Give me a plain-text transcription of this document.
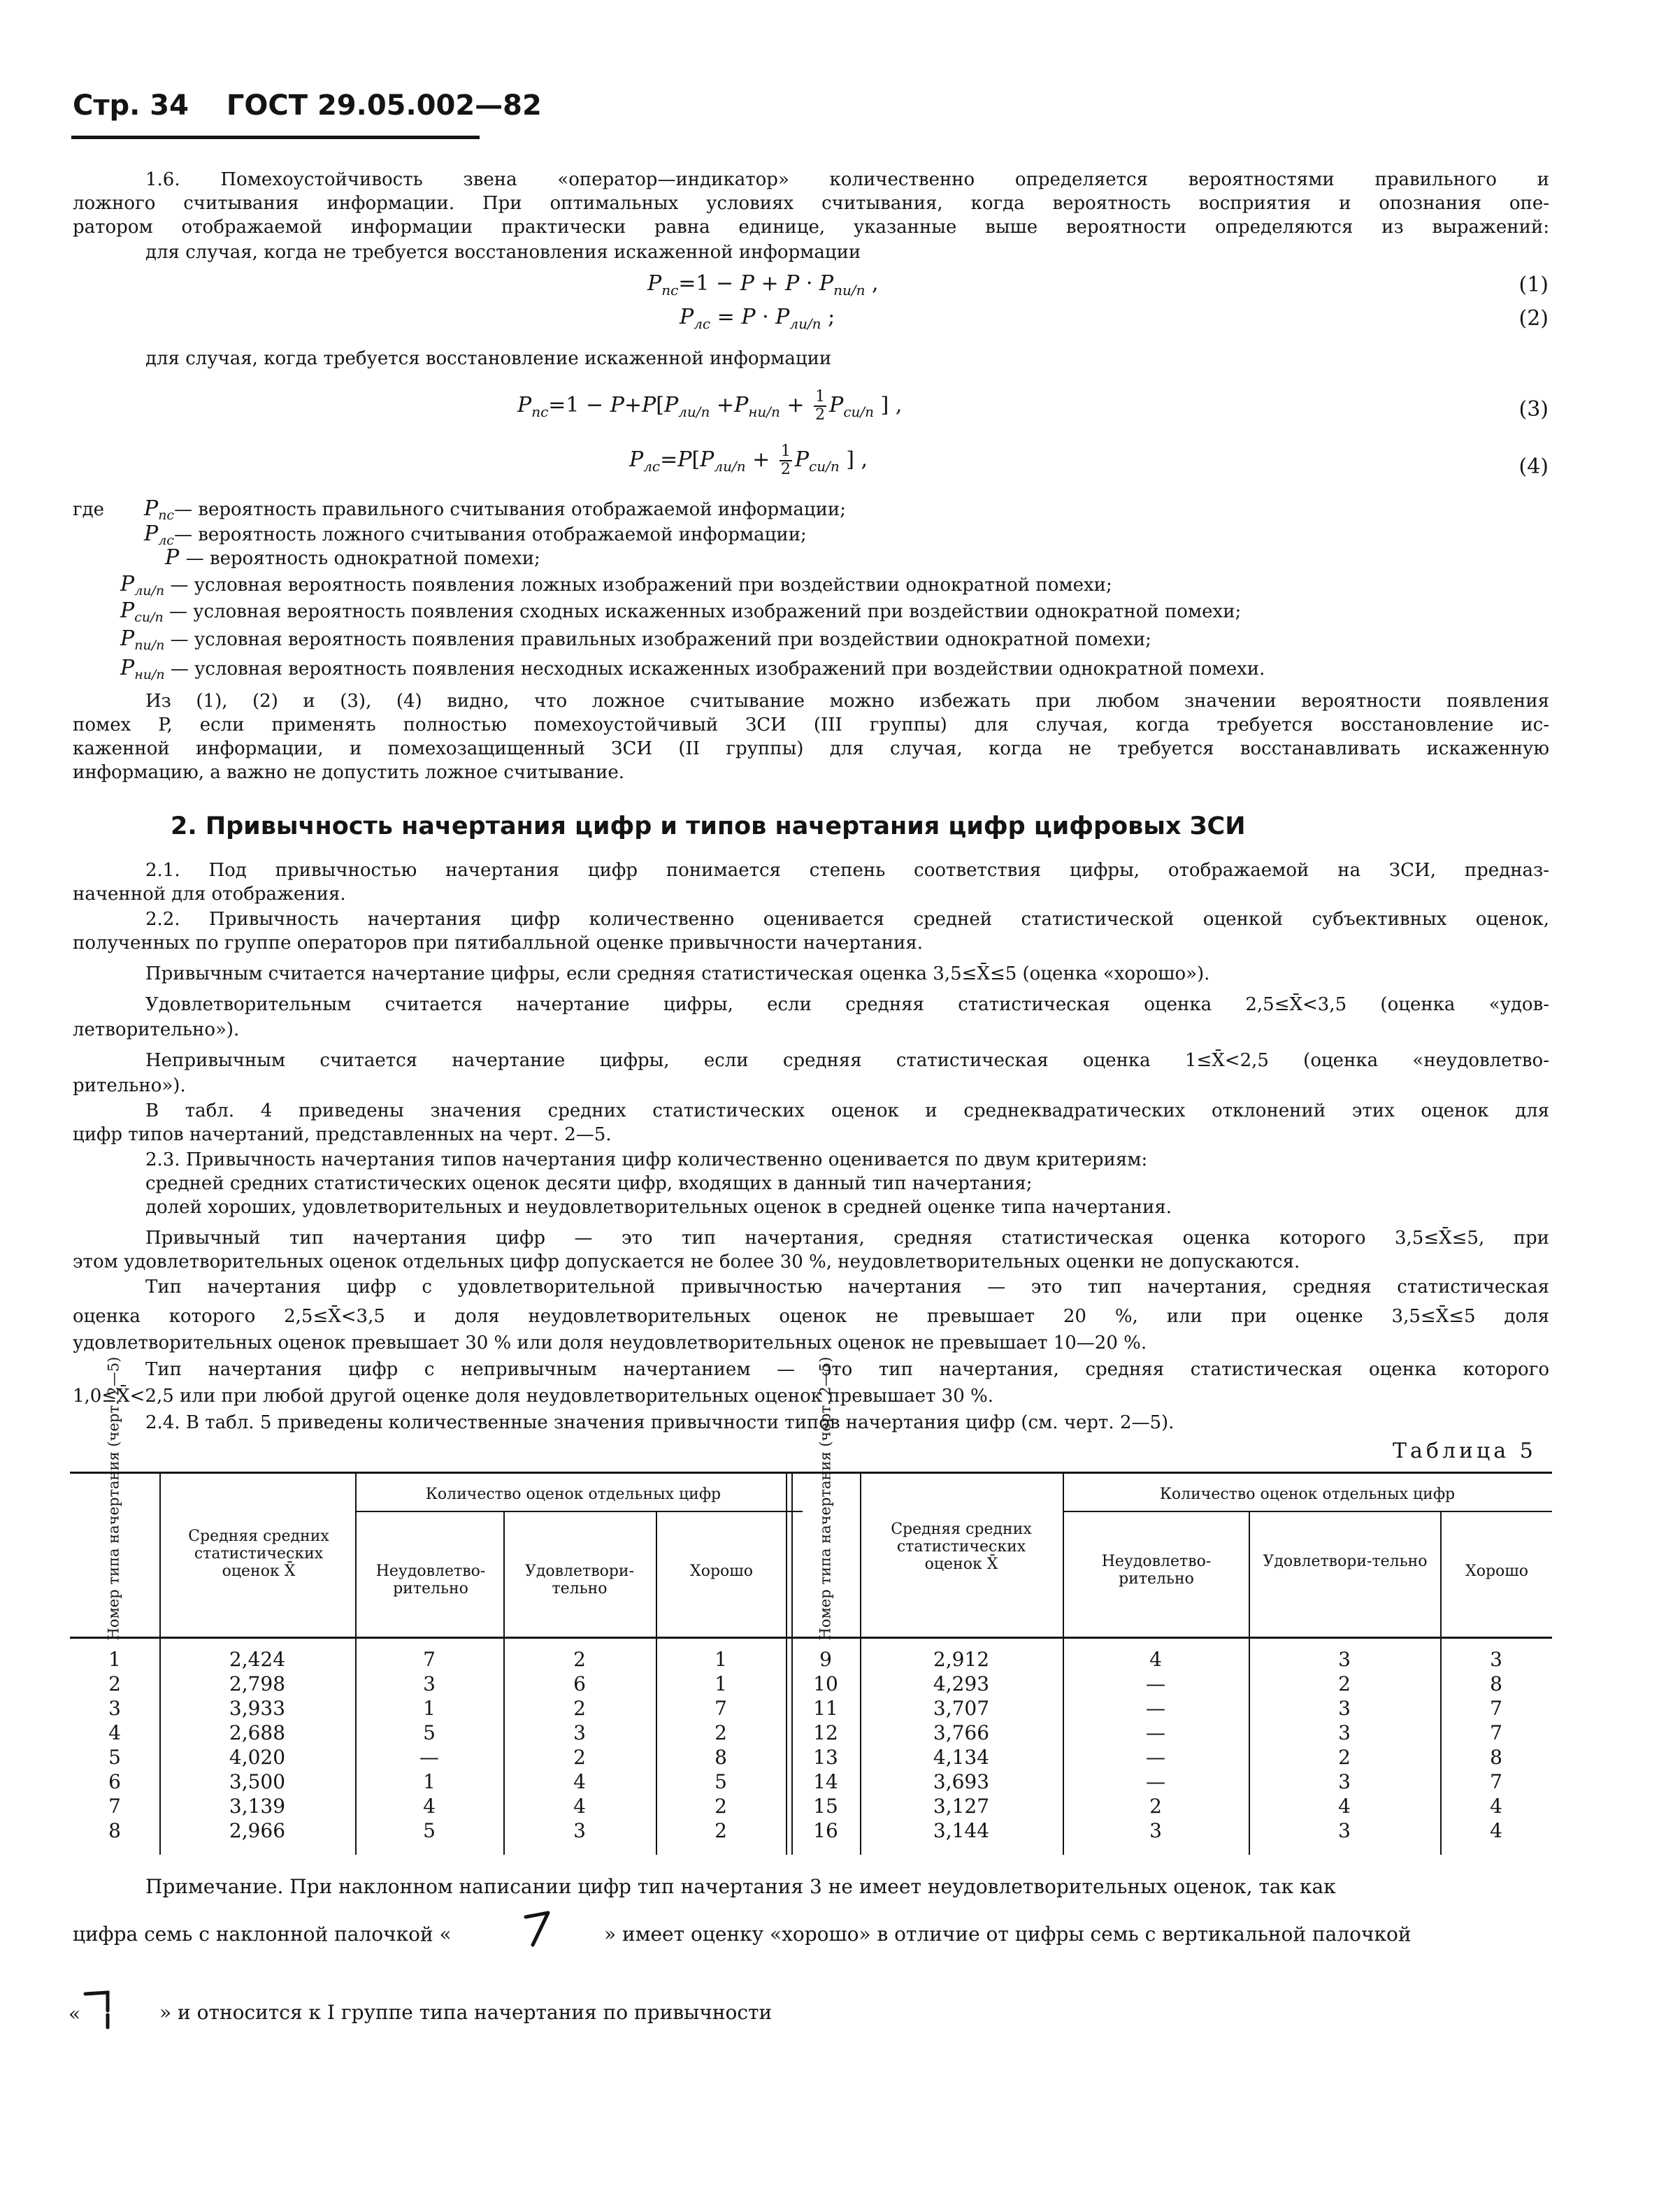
Стр. 34 ГОСТ 29.05.002—82
1.6. Помехоустойчивость звена «оператор—индикатор» количественно определяется вероятностями правильного и
ложного считывания информации. При оптимальных условиях считывания, когда вероятность восприятия и опознания опе-
ратором отображаемой информации практически равна единице, указанные выше вероятности определяются из выражений:
для случая, когда не требуется восстановления искаженной информации
$P_{пс}=1 - P + P \cdot P_{пи/п}$ ,	(1)
$P_{лс} = P \cdot P_{ли/п}$ ;	(2)
для случая, когда требуется восстановление искаженной информации
$P_{пс}=1 - P+P[P_{ли/п} +P_{ни/п} + \frac{1}{2} P_{си/п}$ ] ,	(3)
$P_{лс}=P[P_{ли/п} + \frac{1}{2} P_{си/п}$ ] ,	(4)
где $P_{пс}—$ вероятность правильного считывания отображаемой информации;
$P_{лс}—$ вероятность ложного считывания отображаемой информации;
P — вероятность однократной помехи;
$P_{ли/п}$ — условная вероятность появления ложных изображений при воздействии однократной помехи;
$P_{си/п}$ — условная вероятность появления сходных искаженных изображений при воздействии однократной помехи;
$P_{пи/п}$ — условная вероятность появления правильных изображений при воздействии однократной помехи;
$P_{ни/п}$ — условная вероятность появления несходных искаженных изображений при воздействии однократной помехи.
Из (1), (2) и (3), (4) видно, что ложное считывание можно избежать при любом значении вероятности появления
помех P, если применять полностью помехоустойчивый ЗСИ (III группы) для случая, когда требуется восстановление ис-
каженной информации, и помехозащищенный ЗСИ (II группы) для случая, когда не требуется восстанавливать искаженную
информацию, а важно не допустить ложное считывание.
2. Привычность начертания цифр и типов начертания цифр цифровых ЗСИ
2.1. Под привычностью начертания цифр понимается степень соответствия цифры, отображаемой на ЗСИ, предназ-
наченной для отображения.
2.2. Привычность начертания цифр количественно оценивается средней статистической оценкой субъективных оценок,
полученных по группе операторов при пятибалльной оценке привычности начертания.
Привычным считается начертание цифры, если средняя статистическая оценка 3,5≤X̄≤5 (оценка «хорошо»).
Удовлетворительным считается начертание цифры, если средняя статистическая оценка 2,5≤X̄<3,5 (оценка «удов-
летворительно»).
Непривычным считается начертание цифры, если средняя статистическая оценка 1≤X̄<2,5 (оценка «неудовлетво-
рительно»).
В табл. 4 приведены значения средних статистических оценок и среднеквадратических отклонений этих оценок для
цифр типов начертаний, представленных на черт. 2—5.
2.3. Привычность начертания типов начертания цифр количественно оценивается по двум критериям:
средней средних статистических оценок десяти цифр, входящих в данный тип начертания;
долей хороших, удовлетворительных и неудовлетворительных оценок в средней оценке типа начертания.
Привычный тип начертания цифр — это тип начертания, средняя статистическая оценка которого 3,5≤X̄≤5, при
этом удовлетворительных оценок отдельных цифр допускается не более 30 %, неудовлетворительных оценки не допускаются.
Тип начертания цифр с удовлетворительной привычностью начертания — это тип начертания, средняя статистическая
оценка которого 2,5≤X̄<3,5 и доля неудовлетворительных оценок не превышает 20 %, или при оценке 3,5≤X̄≤5 доля
удовлетворительных оценок превышает 30 % или доля неудовлетворительных оценок не превышает 10—20 %.
Тип начертания цифр с непривычным начертанием — это тип начертания, средняя статистическая оценка которого
1,0≤X̄<2,5 или при любой другой оценке доля неудовлетворительных оценок превышает 30 %.
2.4. В табл. 5 приведены количественные значения привычности типов начертания цифр (см. черт. 2—5).
Таблица 5
Номер типа начертания (черт. 2—5)	Средняя средних статистических оценок X̄
Количество оценок отдельных цифр
Неудовлетво-рительно
Удовлетвори-тельно
Хорошо	Номер типа начертания (черт. 2—5)	Средняя средних статистических оценок X̄
Количество оценок отдельных цифр
Неудовлетво-рительно
Удовлетвори-тельно
Хорошо
1	2,424	7	2	1
2	2,798	3	6	1
3	3,933	1	2	7
4	2,688	5	3	2
5	4,020	—	2	8
6	3,500	1	4	5
7	3,139	4	4	2
8	2,966	5	3	2
9	2,912	4	3	3
10	4,293	—	2	8
11	3,707	—	3	7
12	3,766	—	3	7
13	4,134	—	2	8
14	3,693	—	3	7
15	3,127	2	4	4
16	3,144	3	3	4
Примечание. При наклонном написании цифр тип начертания 3 не имеет неудовлетворительных оценок, так как
цифра семь с наклонной палочкой «	» имеет оценку «хорошо» в отличие от цифры семь с вертикальной палочкой
«	» и относится к I группе типа начертания по привычности
